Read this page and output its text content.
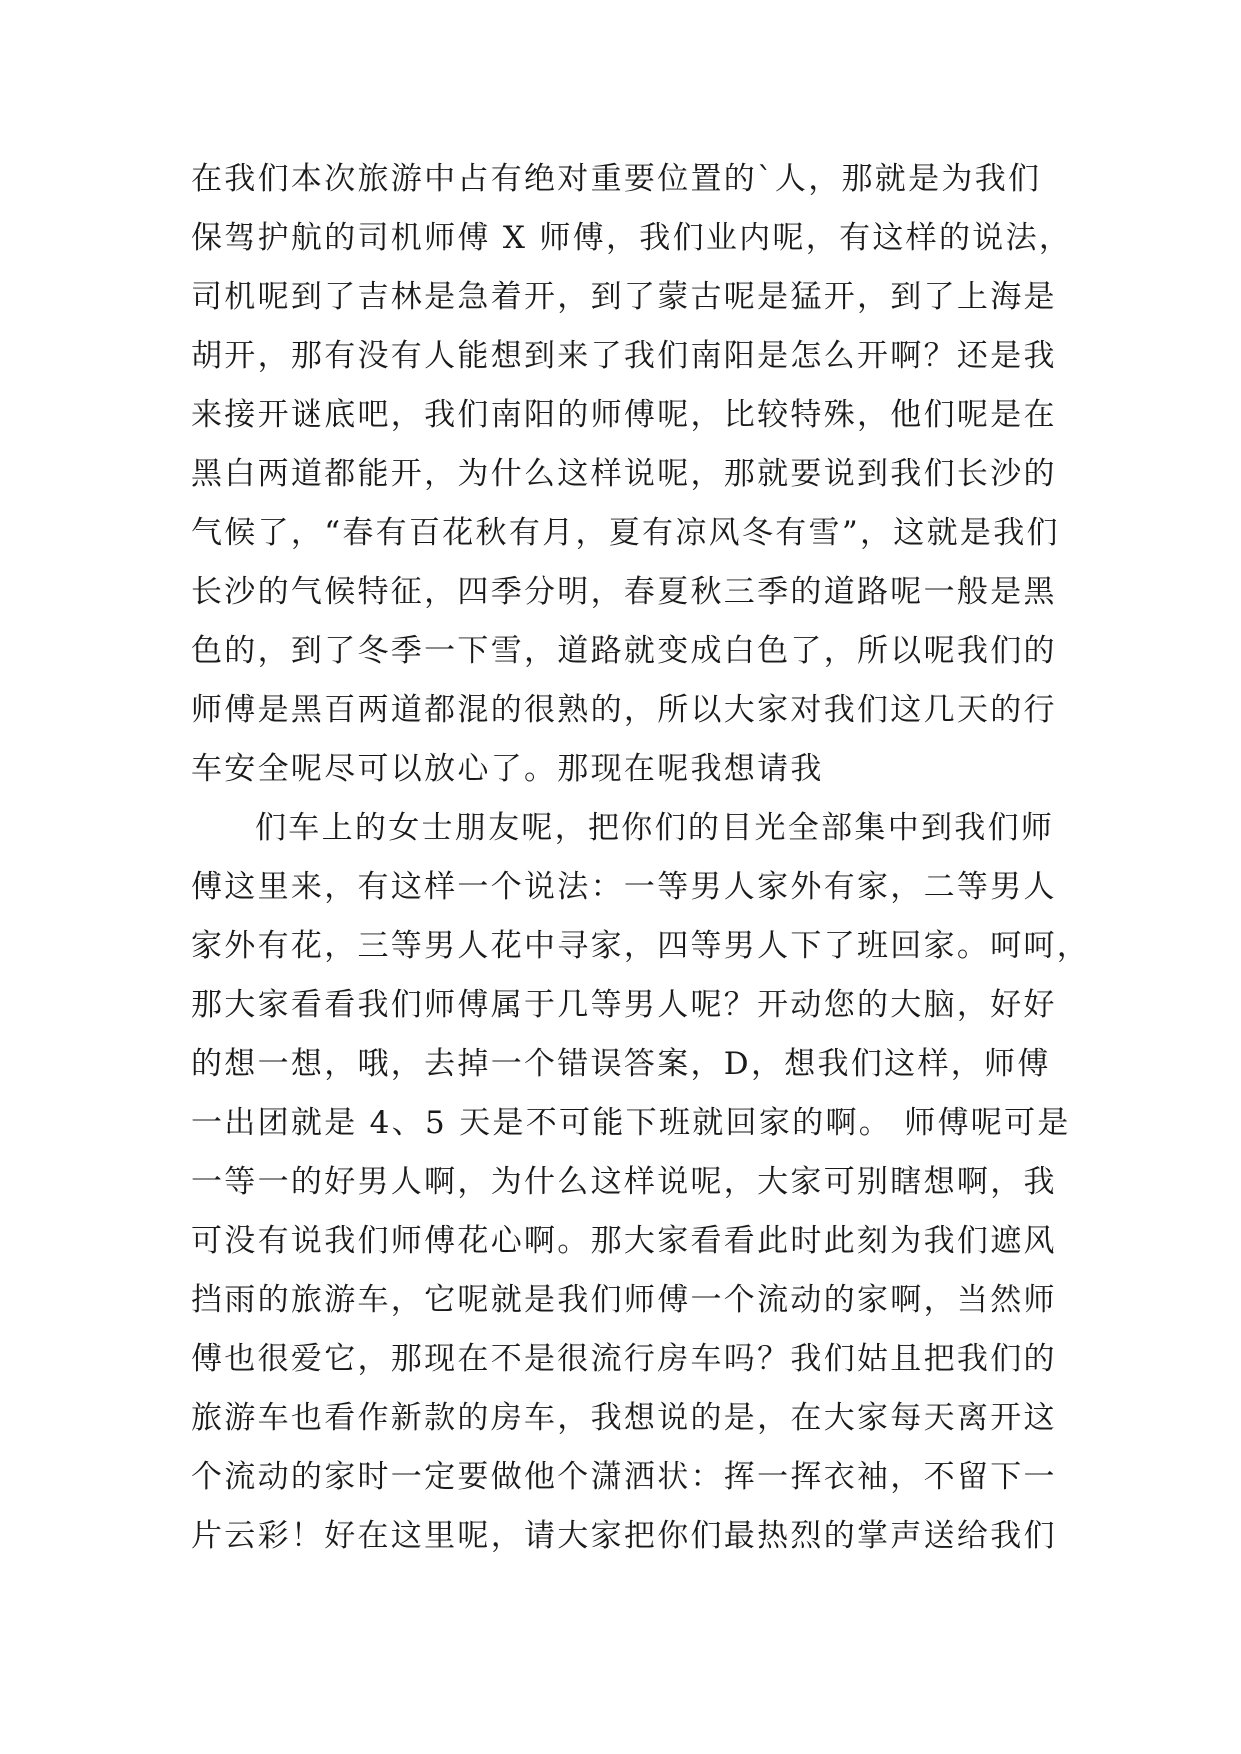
在我们本次旅游中占有绝对重要位置的`人，那就是为我们
保驾护航的司机师傅 X 师傅，我们业内呢，有这样的说法，
司机呢到了吉林是急着开，到了蒙古呢是猛开，到了上海是
胡开，那有没有人能想到来了我们南阳是怎么开啊？还是我
来接开谜底吧，我们南阳的师傅呢，比较特殊，他们呢是在
黑白两道都能开，为什么这样说呢，那就要说到我们长沙的
气候了，“春有百花秋有月，夏有凉风冬有雪”，这就是我们
长沙的气候特征，四季分明，春夏秋三季的道路呢一般是黑
色的，到了冬季一下雪，道路就变成白色了，所以呢我们的
师傅是黑百两道都混的很熟的，所以大家对我们这几天的行
车安全呢尽可以放心了。那现在呢我想请我
们车上的女士朋友呢，把你们的目光全部集中到我们师
傅这里来，有这样一个说法：一等男人家外有家，二等男人
家外有花，三等男人花中寻家，四等男人下了班回家。呵呵，
那大家看看我们师傅属于几等男人呢？开动您的大脑，好好
的想一想，哦，去掉一个错误答案，D，想我们这样，师傅
一出团就是 4、5 天是不可能下班就回家的啊。 师傅呢可是
一等一的好男人啊，为什么这样说呢，大家可别瞎想啊，我
可没有说我们师傅花心啊。那大家看看此时此刻为我们遮风
挡雨的旅游车，它呢就是我们师傅一个流动的家啊，当然师
傅也很爱它，那现在不是很流行房车吗？我们姑且把我们的
旅游车也看作新款的房车，我想说的是，在大家每天离开这
个流动的家时一定要做他个潇洒状：挥一挥衣袖，不留下一
片云彩！好在这里呢，请大家把你们最热烈的掌声送给我们
